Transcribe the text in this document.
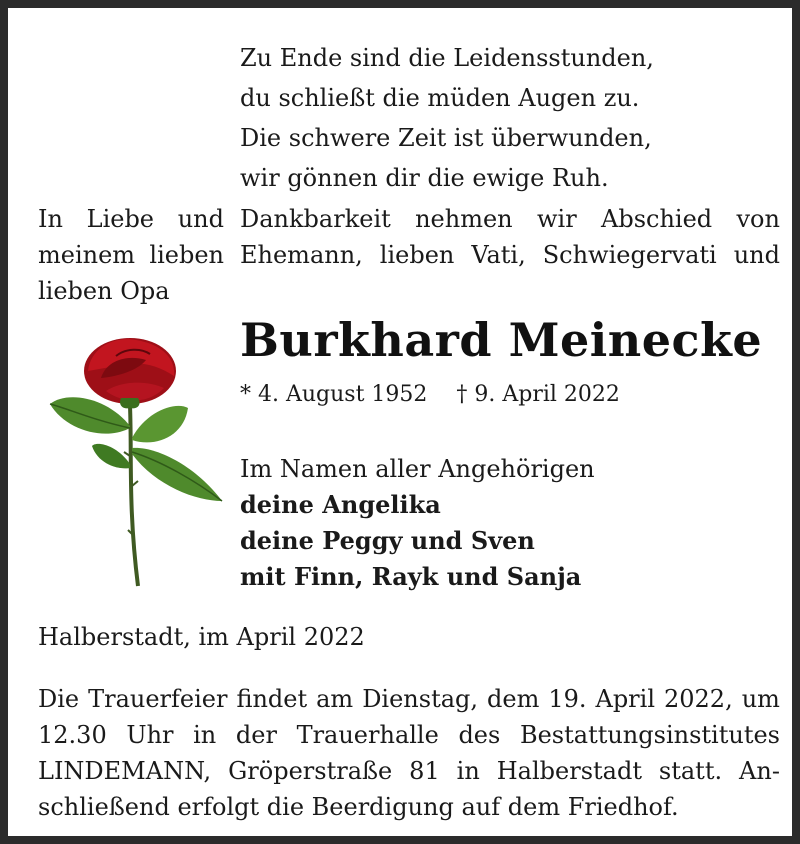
Zu Ende sind die Leidensstunden,
du schließt die müden Augen zu.
Die schwere Zeit ist überwunden,
wir gönnen dir die ewige Ruh.
In Liebe und Dankbarkeit nehmen wir Abschied von
meinem lieben Ehemann, lieben Vati, Schwiegervati und
lieben Opa
Burkhard Meinecke
* 4. August 1952 † 9. April 2022
Im Namen aller Angehörigen
deine Angelika
deine Peggy und Sven
mit Finn, Rayk und Sanja
Halberstadt, im April 2022
Die Trauerfeier findet am Dienstag, dem 19. April 2022, um
12.30 Uhr in der Trauerhalle des Bestattungsinstitutes
LINDEMANN, Gröperstraße 81 in Halberstadt statt. An-
schließend erfolgt die Beerdigung auf dem Friedhof.
